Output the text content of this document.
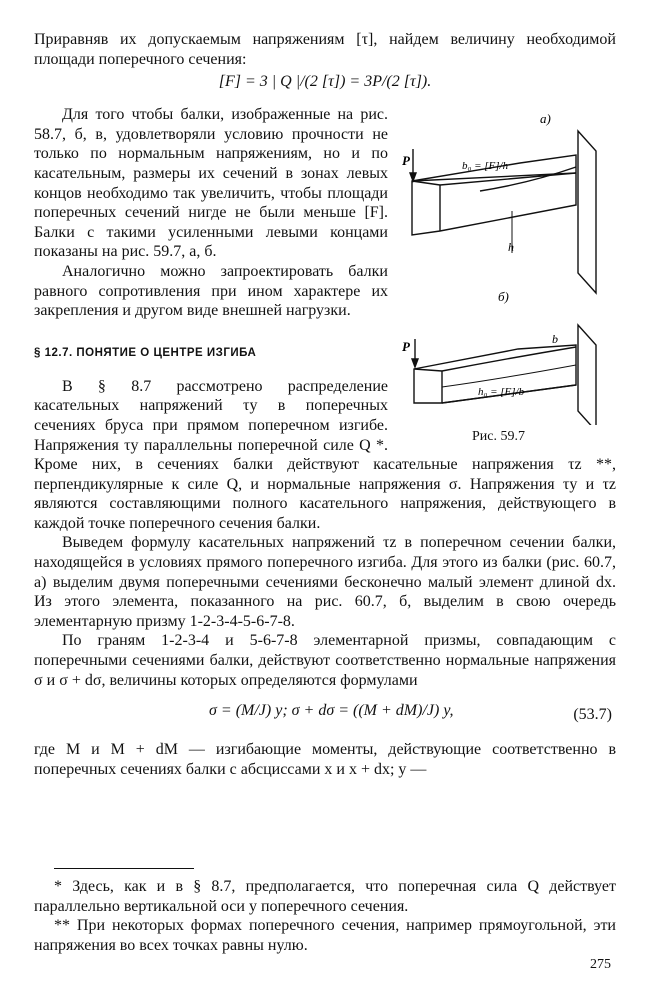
Приравняв их допускаемым напряжениям [τ], найдем величину необходимой площади поперечного сечения:

[F] = 3 | Q |/(2 [τ]) = 3P/(2 [τ]).

а)
P	b₀ = [F]/h
h
б)
P	b
h₀ = [F]/b
Рис. 59.7

Для того чтобы балки, изображенные на рис. 58.7, б, в, удовлетворяли условию прочности не только по нормальным напряжениям, но и по касательным, размеры их сечений в зонах левых концов необходимо так увеличить, чтобы площади поперечных сечений нигде не были меньше [F]. Балки с такими усиленными левыми концами показаны на рис. 59.7, а, б.

Аналогично можно запроектировать балки равного сопротивления при ином характере их закрепления и другом виде внешней нагрузки.

§ 12.7. ПОНЯТИЕ О ЦЕНТРЕ ИЗГИБА

В § 8.7 рассмотрено распределение касательных напряжений τy в поперечных сечениях бруса при прямом поперечном изгибе. Напряжения τy параллельны поперечной силе Q *. Кроме них, в сечениях балки действуют касательные напряжения τz **, перпендикулярные к силе Q, и нормальные напряжения σ. Напряжения τy и τz являются составляющими полного касательного напряжения, действующего в каждой точке поперечного сечения балки.

Выведем формулу касательных напряжений τz в поперечном сечении балки, находящейся в условиях прямого поперечного изгиба. Для этого из балки (рис. 60.7, а) выделим двумя поперечными сечениями бесконечно малый элемент длиной dx. Из этого элемента, показанного на рис. 60.7, б, выделим в свою очередь элементарную призму 1-2-3-4-5-6-7-8.

По граням 1-2-3-4 и 5-6-7-8 элементарной призмы, совпадающим с поперечными сечениями балки, действуют соответственно нормальные напряжения σ и σ + dσ, величины которых определяются формулами

σ = (M/J) y; σ + dσ = ((M + dM)/J) y,	(53.7)

где M и M + dM — изгибающие моменты, действующие соответственно в поперечных сечениях балки с абсциссами x и x + dx; y —

* Здесь, как и в § 8.7, предполагается, что поперечная сила Q действует параллельно вертикальной оси y поперечного сечения.

** При некоторых формах поперечного сечения, например прямоугольной, эти напряжения во всех точках равны нулю.

275
